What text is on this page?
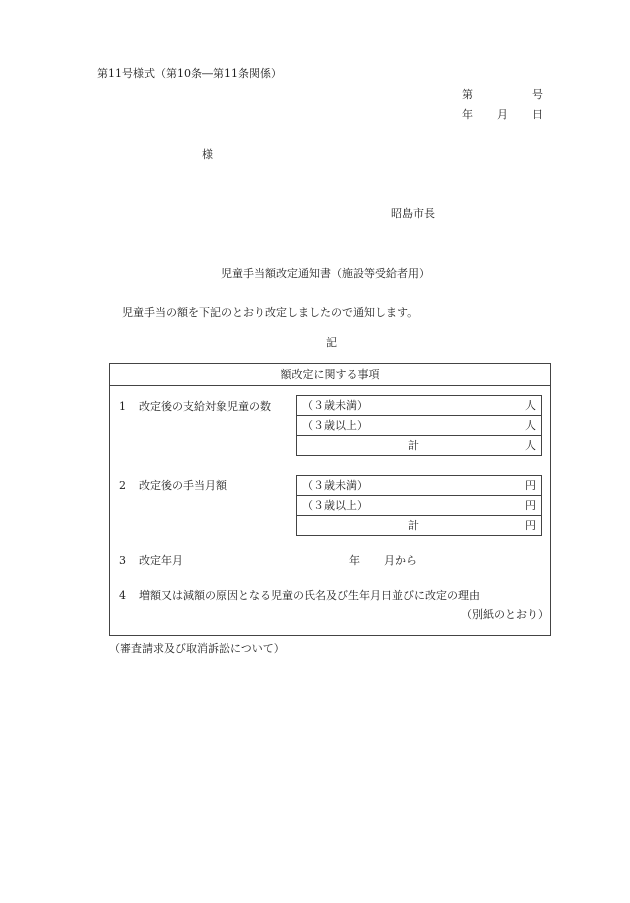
第11号様式（第10条―第11条関係）
第	号
年 月 日
様
昭島市長
児童手当額改定通知書（施設等受給者用）
児童手当の額を下記のとおり改定しましたので通知します。
記
額改定に関する事項
1 改定後の支給対象児童の数	（３歳未満）	人

（３歳以上）	人

計	人
2 改定後の手当月額	（３歳未満）	円

（３歳以上）	円

計	円
3 改定年月	年 月から
4 増額又は減額の原因となる児童の氏名及び生年月日並びに改定の理由
（別紙のとおり）
（審査請求及び取消訴訟について）
